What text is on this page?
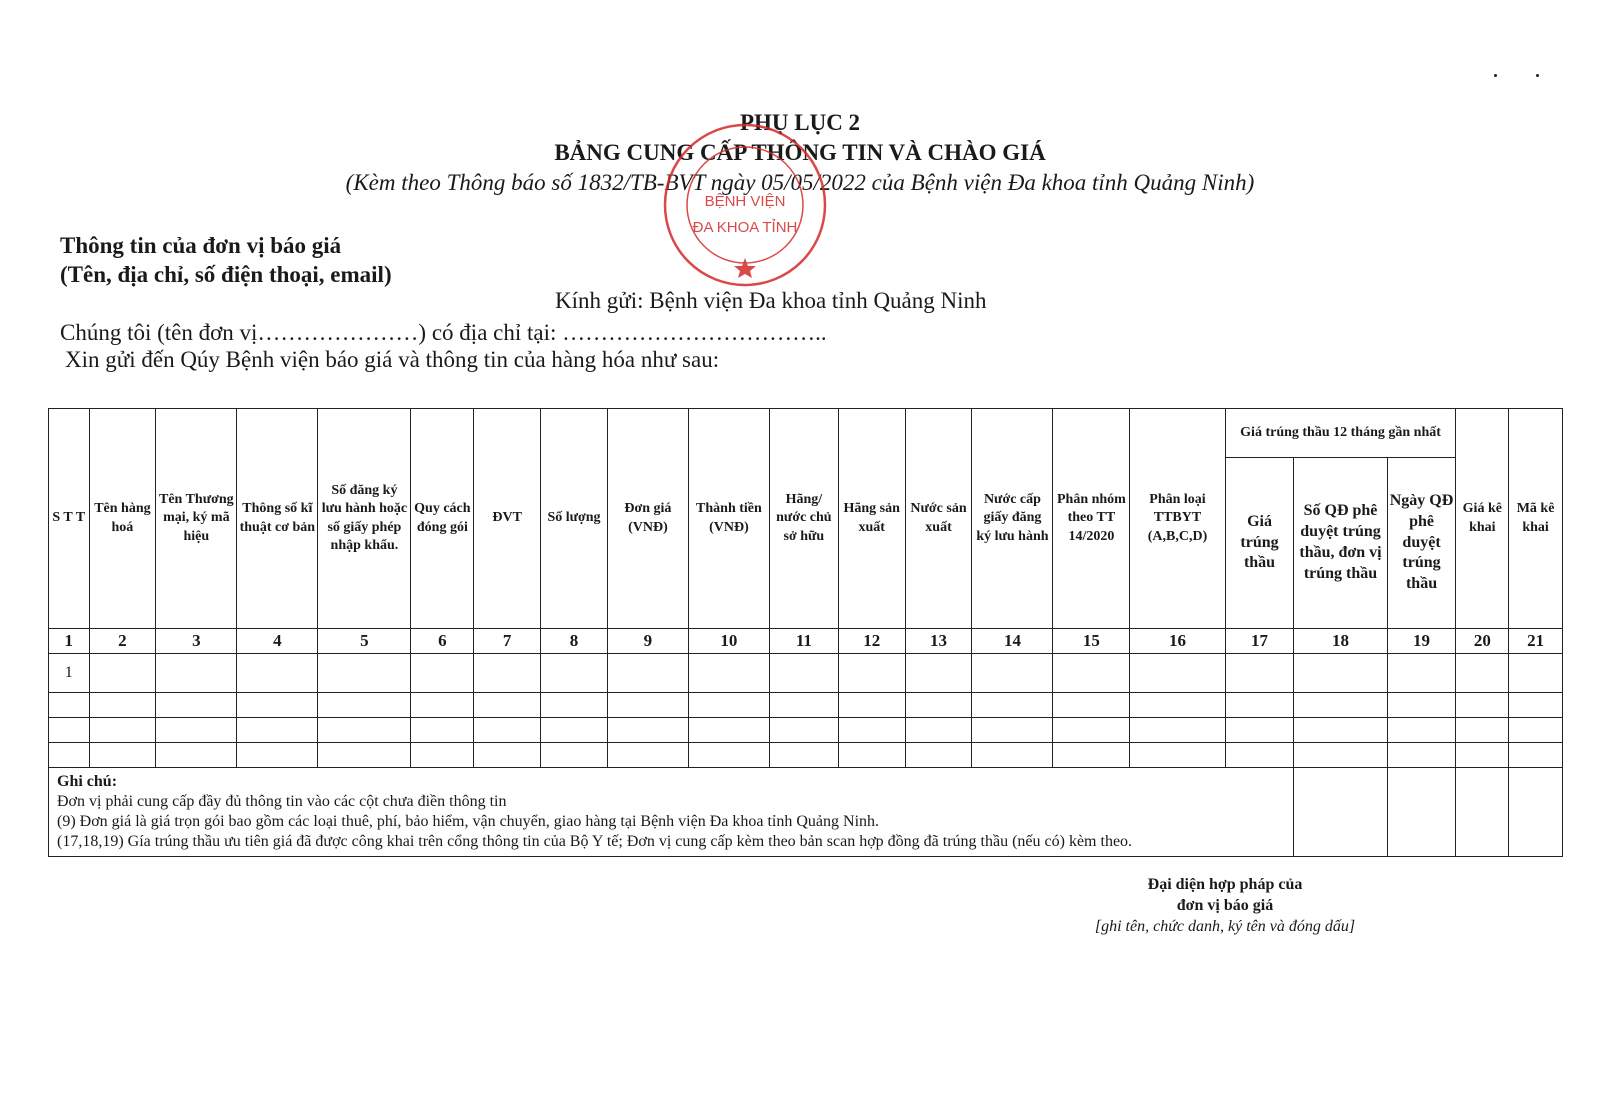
PHỤ LỤC 2
BẢNG CUNG CẤP THÔNG TIN VÀ CHÀO GIÁ
(Kèm theo Thông báo số 1832/TB-BVT ngày 05/05/2022 của Bệnh viện Đa khoa tỉnh Quảng Ninh)
BỆNH VIỆN
ĐA KHOA TỈNH
Thông tin của đơn vị báo giá
(Tên, địa chỉ, số điện thoại, email)
Kính gửi: Bệnh viện Đa khoa tỉnh Quảng Ninh
Chúng tôi (tên đơn vị…………………) có địa chỉ tại: ……………………………..
Xin gửi đến Qúy Bệnh viện báo giá và thông tin của hàng hóa như sau:
S T T	Tên hàng hoá	Tên Thương mại, ký mã hiệu	Thông số kĩ thuật cơ bản	Số đăng ký lưu hành hoặc số giấy phép nhập khẩu.	Quy cách đóng gói	ĐVT	Số lượng	Đơn giá (VNĐ)	Thành tiền (VNĐ)	Hãng/ nước chủ sở hữu	Hãng sản xuất	Nước sản xuất	Nước cấp giấy đăng ký lưu hành	Phân nhóm theo TT 14/2020	Phân loại TTBYT (A,B,C,D)	Giá trúng thầu 12 tháng gần nhất			Giá kê khai	Mã kê khai
																Giá trúng thầu	Số QĐ phê duyệt trúng thầu, đơn vị trúng thầu	Ngày QĐ phê duyệt trúng thầu		
1	2	3	4	5	6	7	8	9	10	11	12	13	14	15	16	17	18	19	20	21
1																				

Ghi chú:
Đơn vị phải cung cấp đầy đủ thông tin vào các cột chưa điền thông tin
(9) Đơn giá là giá trọn gói bao gồm các loại thuê, phí, bảo hiểm, vận chuyển, giao hàng tại Bệnh viện Đa khoa tỉnh Quảng Ninh.
(17,18,19) Gía trúng thầu ưu tiên giá đã được công khai trên cổng thông tin của Bộ Y tế; Đơn vị cung cấp kèm theo bản scan hợp đồng đã trúng thầu (nếu có) kèm theo.																				

Đại diện hợp pháp của
đơn vị báo giá
[ghi tên, chức danh, ký tên và đóng dấu]
